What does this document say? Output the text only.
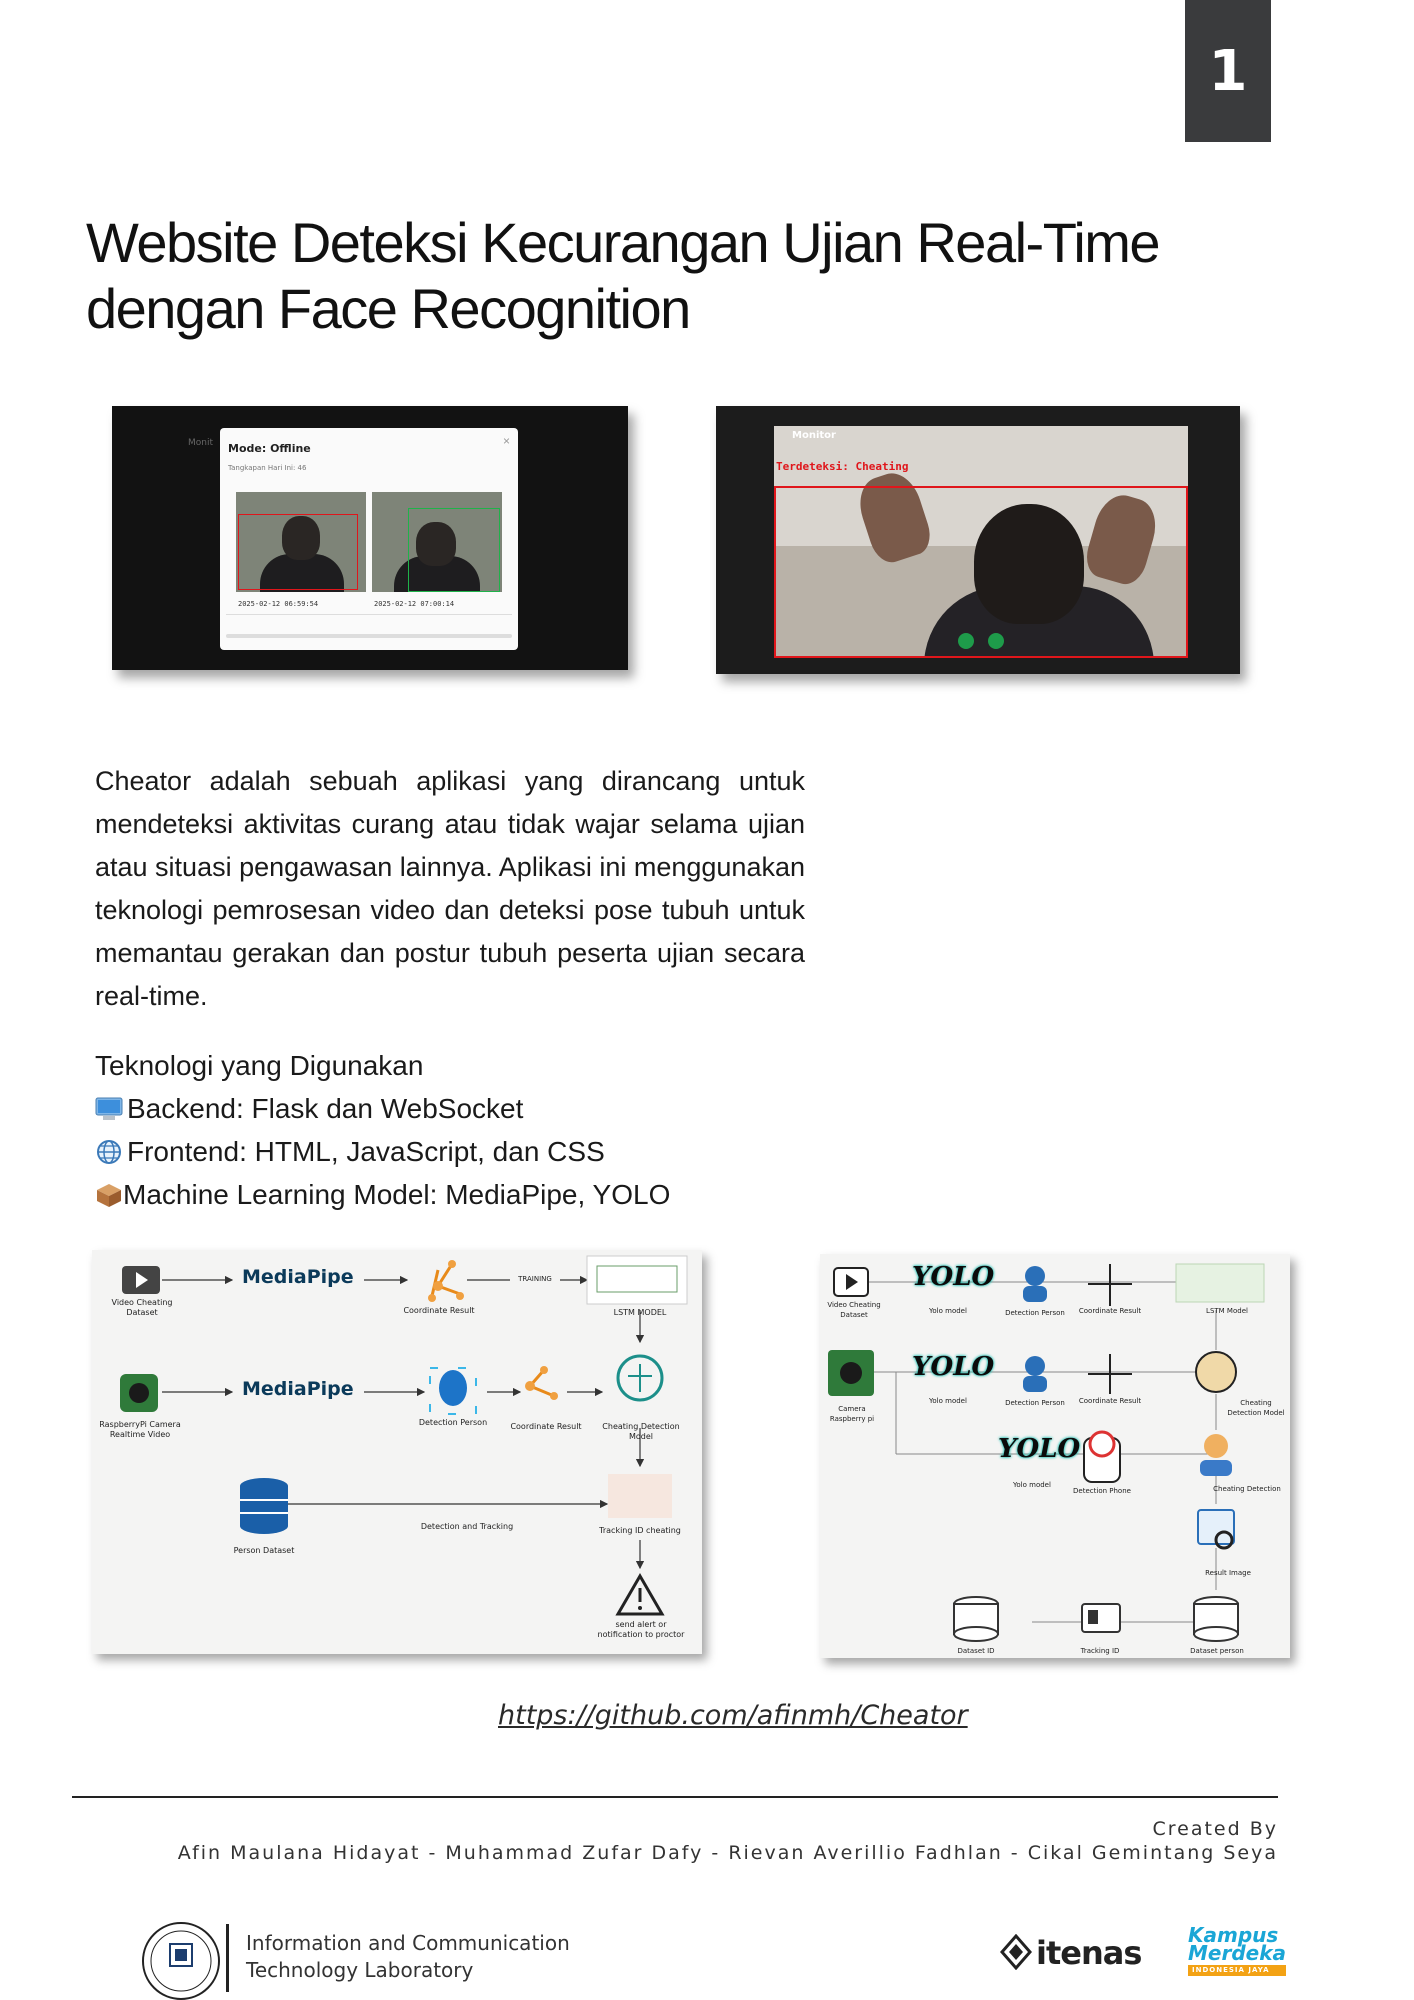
1
Website Deteksi Kecurangan Ujian Real-Time
dengan Face Recognition
Monit Mode: Offline
Tangkapan Hari Ini: 46
×
2025-02-12 06:59:54	2025-02-12 07:00:14
Monitor
Terdeteksi: Cheating

Cheator adalah sebuah aplikasi yang dirancang untuk mendeteksi aktivitas curang atau tidak wajar selama ujian atau situasi pengawasan lainnya. Aplikasi ini menggunakan teknologi pemrosesan video dan deteksi pose tubuh untuk memantau gerakan dan postur tubuh peserta ujian secara real-time.

Teknologi yang Digunakan
Backend: Flask dan WebSocket
Frontend: HTML, JavaScript, dan CSS
Machine Learning Model: MediaPipe, YOLO
MediaPipe
MediaPipe
Video Cheating Dataset	Coordinate Result
TRAINING
LSTM MODEL
RaspberryPi Camera Realtime Video
Detection Person	Coordinate Result	Cheating Detection Model
Person Dataset
Detection and Tracking	Tracking ID cheating
send alert or notification to proctor
YOLO
YOLO
YOLO
Video Cheating Dataset	Yolo model	Detection Person	Coordinate Result	LSTM Model
Camera Raspberry pi
Yolo model	Detection Person	Coordinate Result	Cheating Detection Model
Yolo model
Detection Phone	Cheating Detection
Result Image
Dataset ID	Tracking ID	Dataset person
https://github.com/afinmh/Cheator
Created By
Afin Maulana Hidayat - Muhammad Zufar Dafy - Rievan Averillio Fadhlan - Cikal Gemintang Seya
Information and Communication
Technology Laboratory	itenas Kampus
Merdeka
INDONESIA JAYA
